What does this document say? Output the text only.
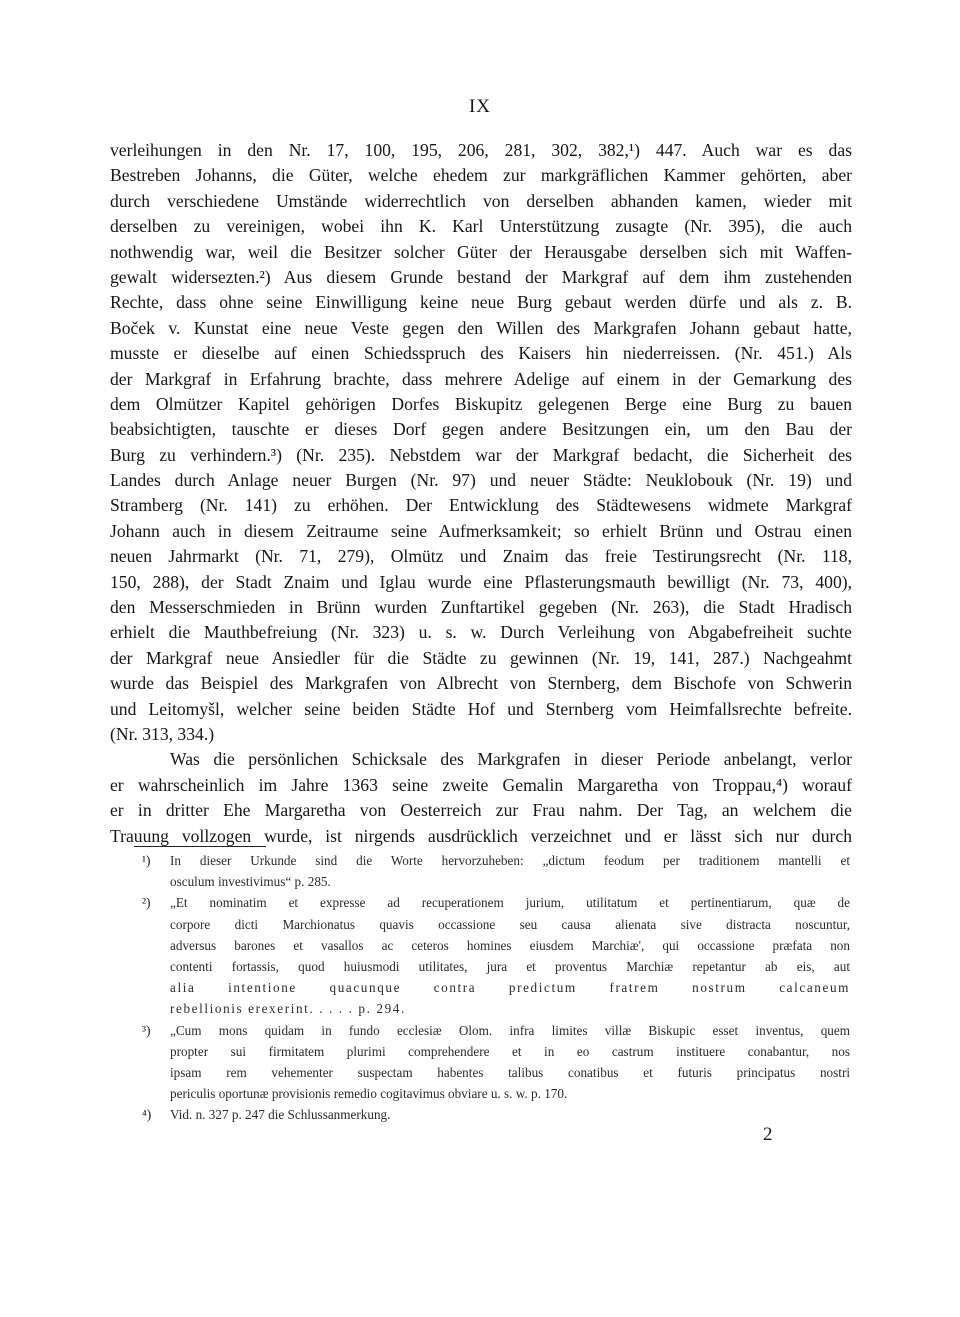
IX
verleihungen in den Nr. 17, 100, 195, 206, 281, 302, 382,¹) 447. Auch war es das
Bestreben Johanns, die Güter, welche ehedem zur markgräflichen Kammer gehörten, aber
durch verschiedene Umstände widerrechtlich von derselben abhanden kamen, wieder mit
derselben zu vereinigen, wobei ihn K. Karl Unterstützung zusagte (Nr. 395), die auch
nothwendig war, weil die Besitzer solcher Güter der Herausgabe derselben sich mit Waffen-
gewalt widersezten.²) Aus diesem Grunde bestand der Markgraf auf dem ihm zustehenden
Rechte, dass ohne seine Einwilligung keine neue Burg gebaut werden dürfe und als z. B.
Boček v. Kunstat eine neue Veste gegen den Willen des Markgrafen Johann gebaut hatte,
musste er dieselbe auf einen Schiedsspruch des Kaisers hin niederreissen. (Nr. 451.) Als
der Markgraf in Erfahrung brachte, dass mehrere Adelige auf einem in der Gemarkung des
dem Olmützer Kapitel gehörigen Dorfes Biskupitz gelegenen Berge eine Burg zu bauen
beabsichtigten, tauschte er dieses Dorf gegen andere Besitzungen ein, um den Bau der
Burg zu verhindern.³) (Nr. 235). Nebstdem war der Markgraf bedacht, die Sicherheit des
Landes durch Anlage neuer Burgen (Nr. 97) und neuer Städte: Neuklobouk (Nr. 19) und
Stramberg (Nr. 141) zu erhöhen. Der Entwicklung des Städtewesens widmete Markgraf
Johann auch in diesem Zeitraume seine Aufmerksamkeit; so erhielt Brünn und Ostrau einen
neuen Jahrmarkt (Nr. 71, 279), Olmütz und Znaim das freie Testirungsrecht (Nr. 118,
150, 288), der Stadt Znaim und Iglau wurde eine Pflasterungsmauth bewilligt (Nr. 73, 400),
den Messerschmieden in Brünn wurden Zunftartikel gegeben (Nr. 263), die Stadt Hradisch
erhielt die Mauthbefreiung (Nr. 323) u. s. w. Durch Verleihung von Abgabefreiheit suchte
der Markgraf neue Ansiedler für die Städte zu gewinnen (Nr. 19, 141, 287.) Nachgeahmt
wurde das Beispiel des Markgrafen von Albrecht von Sternberg, dem Bischofe von Schwerin
und Leitomyšl, welcher seine beiden Städte Hof und Sternberg vom Heimfallsrechte befreite.
(Nr. 313, 334.)
Was die persönlichen Schicksale des Markgrafen in dieser Periode anbelangt, verlor
er wahrscheinlich im Jahre 1363 seine zweite Gemalin Margaretha von Troppau,⁴) worauf
er in dritter Ehe Margaretha von Oesterreich zur Frau nahm. Der Tag, an welchem die
Trauung vollzogen wurde, ist nirgends ausdrücklich verzeichnet und er lässt sich nur durch
¹) In dieser Urkunde sind die Worte hervorzuheben: „dictum feodum per traditionem mantelli et
osculum investivimus“ p. 285.
²) „Et nominatim et expresse ad recuperationem jurium, utilitatum et pertinentiarum, quæ de
corpore dicti Marchionatus quavis occassione seu causa alienata sive distracta noscuntur,
adversus barones et vasallos ac ceteros homines eiusdem Marchiæ', qui occassione præfata non
contenti fortassis, quod huiusmodi utilitates, jura et proventus Marchiæ repetantur ab eis, aut
alia intentione quacunque contra predictum fratrem nostrum calcaneum
rebellionis erexerint. . . . . p. 294.
³) „Cum mons quidam in fundo ecclesiæ Olom. infra limites villæ Biskupic esset inventus, quem
propter sui firmitatem plurimi comprehendere et in eo castrum instituere conabantur, nos
ipsam rem vehementer suspectam habentes talibus conatibus et futuris principatus nostri
periculis oportunæ provisionis remedio cogitavimus obviare u. s. w. p. 170.
⁴) Vid. n. 327 p. 247 die Schlussanmerkung.
2
